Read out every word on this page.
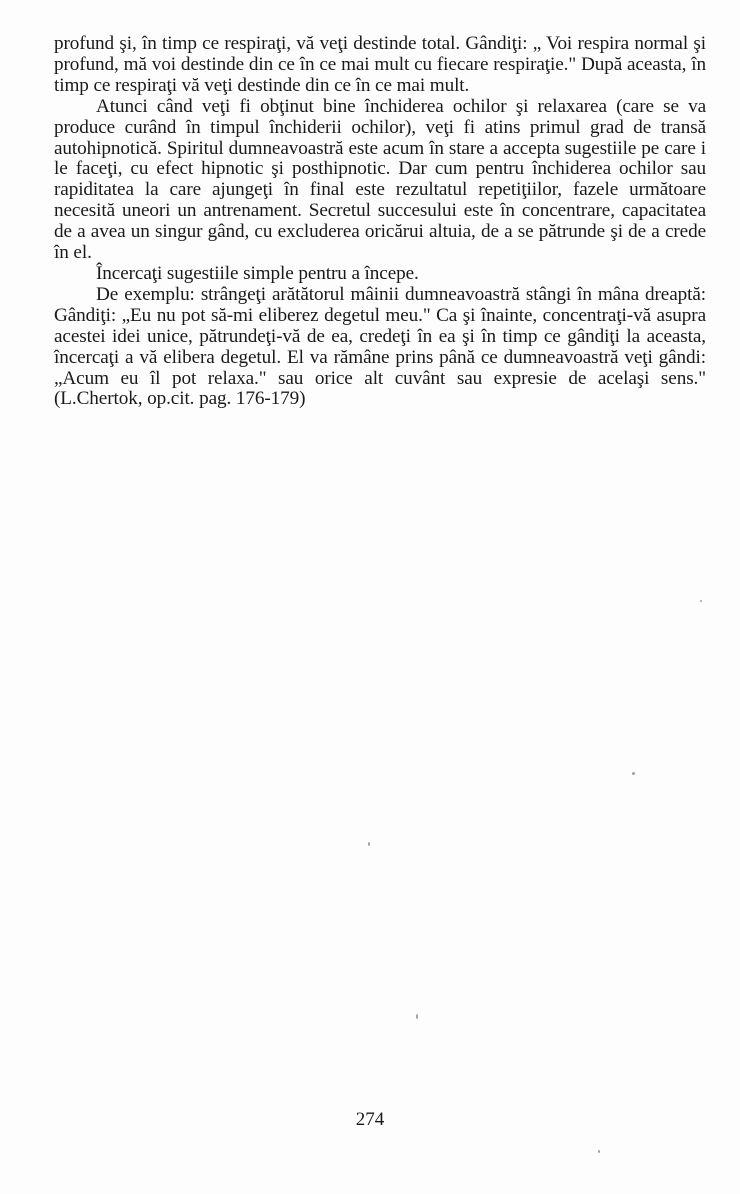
profund şi, în timp ce respiraţi, vă veţi destinde total. Gândiţi: „ Voi respira normal şi profund, mă voi destinde din ce în ce mai mult cu fiecare respiraţie." După aceasta, în timp ce respiraţi vă veţi destinde din ce în ce mai mult.

Atunci când veţi fi obţinut bine închiderea ochilor şi relaxarea (care se va produce curând în timpul închiderii ochilor), veţi fi atins primul grad de transă autohipnotică. Spiritul dumneavoastră este acum în stare a accepta sugestiile pe care i le faceţi, cu efect hipnotic şi posthipnotic. Dar cum pentru închiderea ochilor sau rapiditatea la care ajungeţi în final este rezultatul repetiţiilor, fazele următoare necesită uneori un antrenament. Secretul succesului este în concentrare, capacitatea de a avea un singur gând, cu excluderea oricărui altuia, de a se pătrunde şi de a crede în el.

Încercaţi sugestiile simple pentru a începe.

De exemplu: strângeţi arătătorul mâinii dumneavoastră stângi în mâna dreaptă: Gândiţi: „Eu nu pot să-mi eliberez degetul meu." Ca şi înainte, concentraţi-vă asupra acestei idei unice, pătrundeţi-vă de ea, credeţi în ea şi în timp ce gândiţi la aceasta, încercaţi a vă elibera degetul. El va rămâne prins până ce dumneavoastră veţi gândi: „Acum eu îl pot relaxa." sau orice alt cuvânt sau expresie de acelaşi sens." (L.Chertok, op.cit. pag. 176-179)

274
